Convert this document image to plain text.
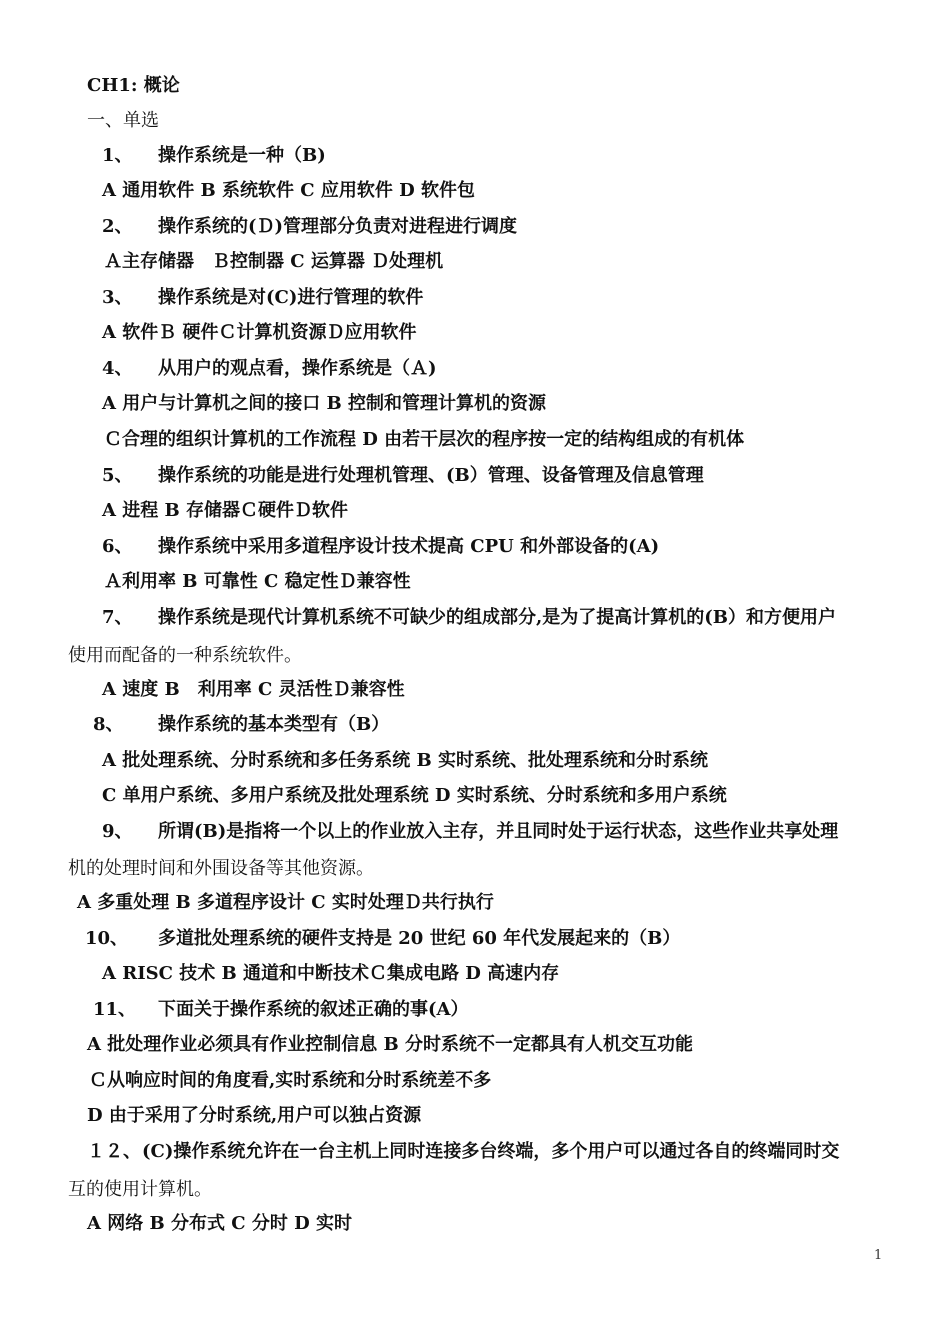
CH1: 概论
一、单选
1、 操作系统是一种（B)
A 通用软件 B 系统软件 C 应用软件 D 软件包
2、 操作系统的(Ｄ)管理部分负责对进程进行调度
Ａ主存储器　Ｂ控制器 C 运算器 Ｄ处理机
3、 操作系统是对(C)进行管理的软件
A 软件Ｂ 硬件Ｃ计算机资源Ｄ应用软件
4、 从用户的观点看，操作系统是（Ａ)
A 用户与计算机之间的接口 B 控制和管理计算机的资源
Ｃ合理的组织计算机的工作流程 D 由若干层次的程序按一定的结构组成的有机体
5、 操作系统的功能是进行处理机管理、(B）管理、设备管理及信息管理
A 进程 B 存储器Ｃ硬件Ｄ软件
6、 操作系统中采用多道程序设计技术提高 CPU 和外部设备的(A)
Ａ利用率 B 可靠性 C 稳定性Ｄ兼容性
7、 操作系统是现代计算机系统不可缺少的组成部分,是为了提高计算机的(B）和方便用户
使用而配备的一种系统软件。
A 速度 B　利用率 C 灵活性Ｄ兼容性
8、 操作系统的基本类型有（B）
A 批处理系统、分时系统和多任务系统 B 实时系统、批处理系统和分时系统
C 单用户系统、多用户系统及批处理系统 D 实时系统、分时系统和多用户系统
9、 所谓(B)是指将一个以上的作业放入主存，并且同时处于运行状态，这些作业共享处理
机的处理时间和外围设备等其他资源。
A 多重处理 B 多道程序设计 C 实时处理Ｄ共行执行
10、 多道批处理系统的硬件支持是 20 世纪 60 年代发展起来的（B）
A RISC 技术 B 通道和中断技术Ｃ集成电路 D 高速内存
11、 下面关于操作系统的叙述正确的事(A）
A 批处理作业必须具有作业控制信息 B 分时系统不一定都具有人机交互功能
Ｃ从响应时间的角度看,实时系统和分时系统差不多
D 由于采用了分时系统,用户可以独占资源
１２、 (C)操作系统允许在一台主机上同时连接多台终端，多个用户可以通过各自的终端同时交
互的使用计算机。
A 网络 B 分布式 C 分时 D 实时
1
